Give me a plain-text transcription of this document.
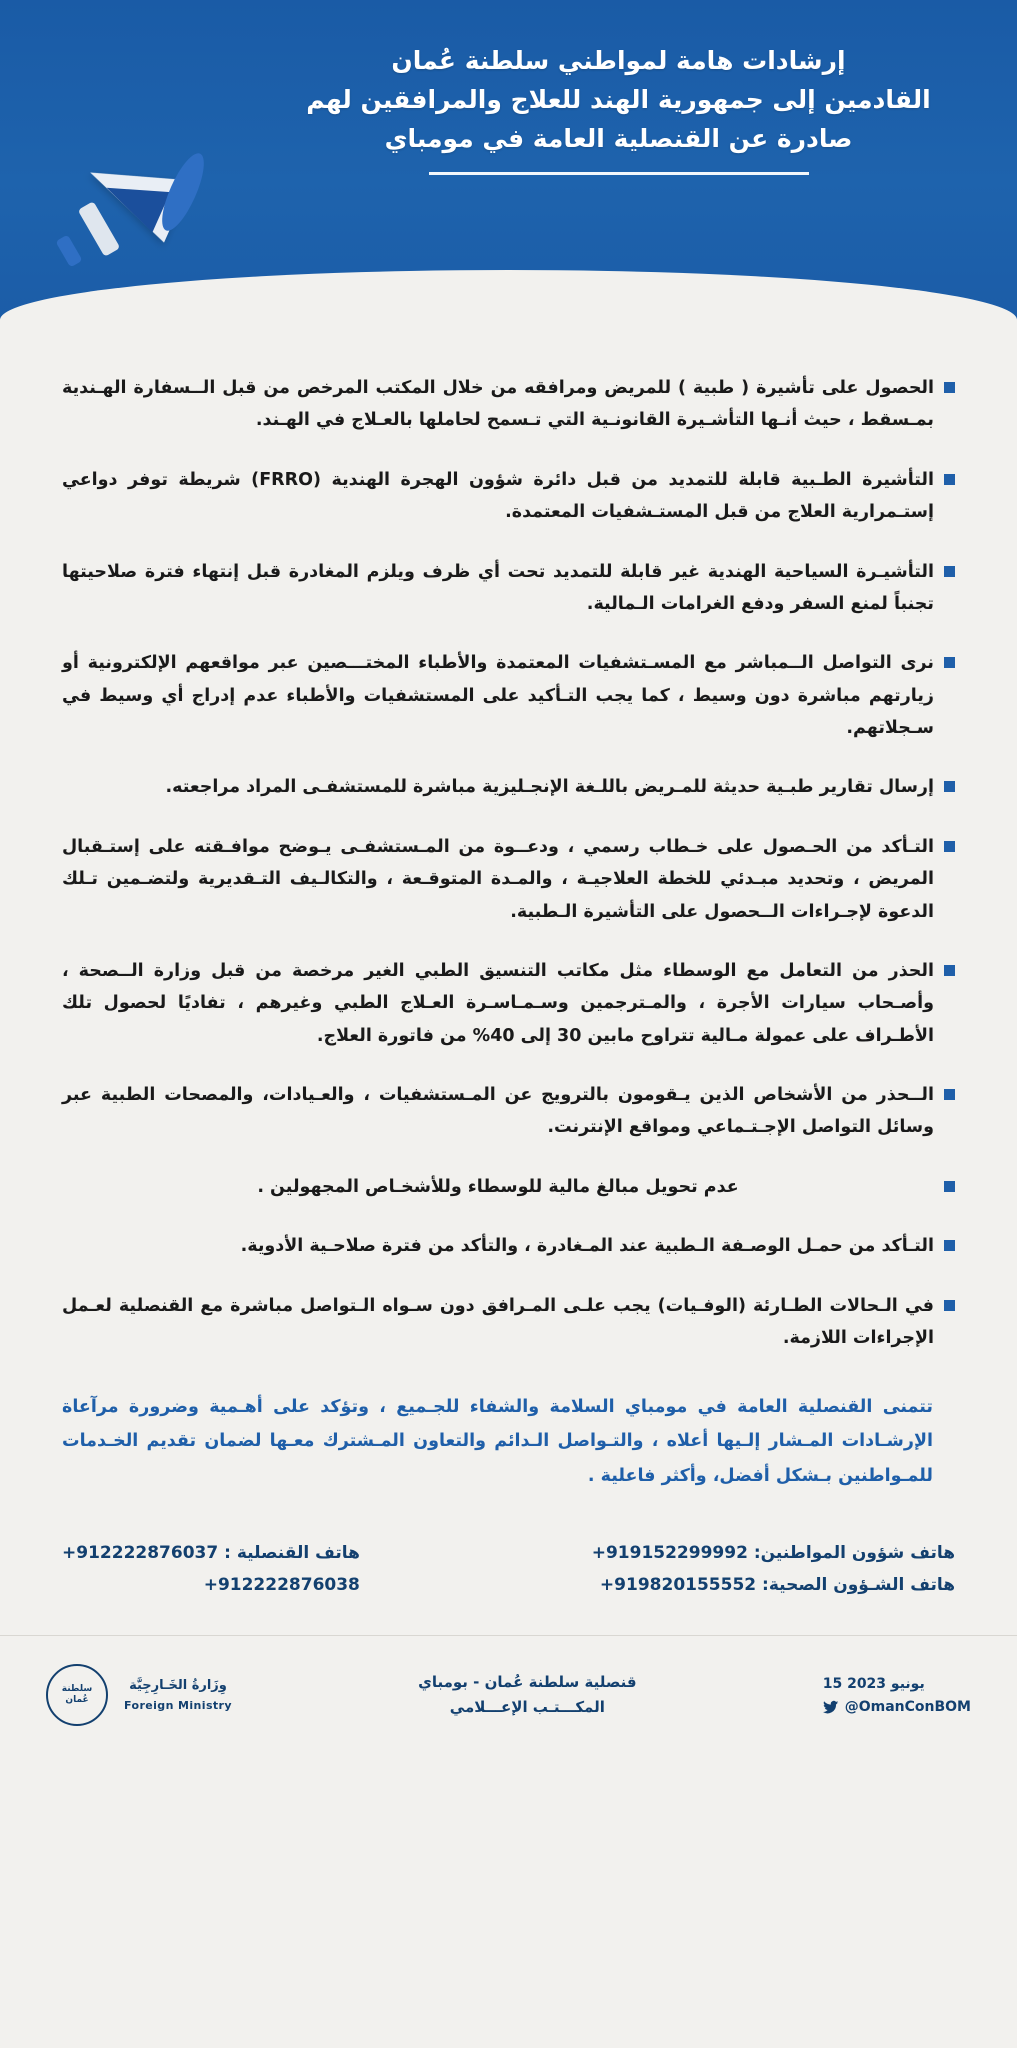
إرشادات هامة لمواطني سلطنة عُمان
القادمين إلى جمهورية الهند للعلاج والمرافقين لهم
صادرة عن القنصلية العامة في مومباي
الحصول على تأشيرة ( طبية ) للمريض ومرافقه من خلال المكتب المرخص من قبل الــسفارة الهـندية بمـسقط ، حيث أنـها التأشـيرة القانونـية التي تـسمح لحاملها بالعـلاج في الهـند.
التأشيرة الطـبية قابلة للتمديد من قبل دائرة شؤون الهجرة الهندية (FRRO) شريطة توفر دواعي إستـمرارية العلاج من قبل المستـشفيات المعتمدة.
التأشيـرة السياحية الهندية غير قابلة للتمديد تحت أي ظرف ويلزم المغادرة قبل إنتهاء فترة صلاحيتها تجنباً لمنع السفر ودفع الغرامات الـمالية.
نرى التواصل الــمباشر مع المسـتشفيات المعتمدة والأطباء المختـــصين عبر مواقعهم الإلكترونية أو زيارتهم مباشرة دون وسيط ، كما يجب التـأكيد على المستشفيات والأطباء عدم إدراج أي وسيط في سـجلاتهم.
إرسال تقارير طبـية حديثة للمـريض باللـغة الإنجـليزية مباشرة للمستشفـى المراد مراجعته.
التـأكد من الحـصول على خـطاب رسمي ، ودعــوة من المـستشفـى يـوضح موافـقته على إستـقبال المريض ، وتحديد مبـدئي للخطة العلاجيـة ، والمـدة المتوقـعة ، والتكالـيف التـقديرية ولتضـمين تـلك الدعوة لإجـراءات الــحصول على التأشيرة الـطبية.
الحذر من التعامل مع الوسطاء مثل مكاتب التنسيق الطبي الغير مرخصة من قبل وزارة الــصحة ، وأصـحاب سيارات الأجرة ، والمـترجمين وسـمـاسـرة العـلاج الطبي وغيرهم ، تفاديًا لحصول تلك الأطـراف على عمولة مـالية تتراوح مابين 30 إلى 40% من فاتورة العلاج.
الــحذر من الأشخاص الذين يـقومون بالترويج عن المـستشفيات ، والعـيادات، والمصحات الطبية عبر وسائل التواصل الإجـتـماعي ومواقع الإنترنت.
عدم تحويل مبالغ مالية للوسطاء وللأشخـاص المجهولين .
التـأكد من حمـل الوصـفة الـطبية عند المـغادرة ، والتأكد من فترة صلاحـية الأدوية.
في الـحالات الطـارئة (الوفـيات) يجب علـى المـرافق دون سـواه الـتواصل مباشرة مع القنصلية لعـمل الإجراءات اللازمة.
تتمنى القنصلية العامة في مومباي السلامة والشفاء للجـميع ، وتؤكد على أهـمية وضرورة مرآعاة الإرشـادات المـشار إلـيها أعلاه ، والتـواصل الـدائم والتعاون المـشترك معـها لضمان تقديم الخـدمات للمـواطنين بـشكل أفضل، وأكثر فاعلية .
هاتف شؤون المواطنين: 919152299992+
هاتف الشـؤون الصحية: 919820155552+
هاتف القنصلية : 912222876037+
912222876038+
15 يونيو 2023
@OmanConBOM
قنصلية سلطنة عُمان - بومباي
المكـــتـب الإعـــلامي
وِزَارةُ الخَـارِجِيَّة
Foreign Ministry
سلطنة عُمان
